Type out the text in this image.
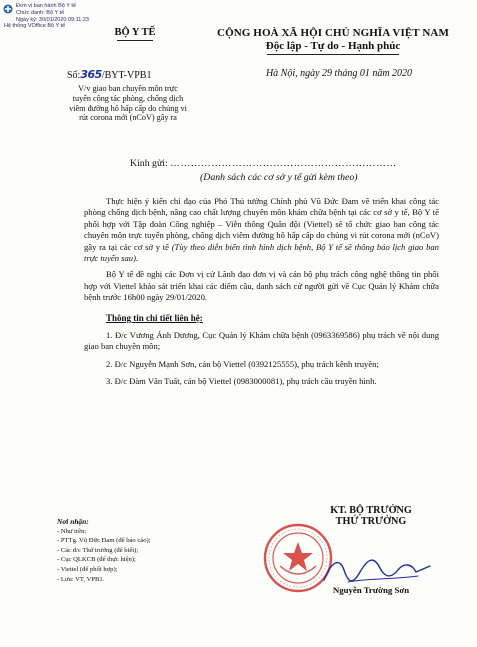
Đơn vị ban hành Bộ Y tế
Chức danh: Bộ Y tế
Ngày ký: 30/01/2020 09:11:23
Hệ thống VOffice Bộ Y tế
BỘ Y TẾ	CỘNG HOÀ XÃ HỘI CHỦ NGHĨA VIỆT NAM
Độc lập - Tự do - Hạnh phúc
Số:365/BYT-VPB1	Hà Nội, ngày 29 tháng 01 năm 2020
V/v giao ban chuyên môn trực
tuyến công tác phòng, chống dịch
viêm đường hô hấp cấp do chủng vi
rút corona mới (nCoV) gây ra
Kính gửi: …………………………………………………………
(Danh sách các cơ sở y tế gửi kèm theo)

Thực hiện ý kiến chỉ đạo của Phó Thủ tướng Chính phủ Vũ Đức Đam về triển khai công tác phòng chống dịch bệnh, nâng cao chất lượng chuyên môn khám chữa bệnh tại các cơ sở y tế, Bộ Y tế phối hợp với Tập đoàn Công nghiệp – Viễn thông Quân đội (Viettel) sẽ tổ chức giao ban công tác chuyên môn trực tuyến phòng, chống dịch viêm đường hô hấp cấp do chủng vi rút corona mới (nCoV) gây ra tại các cơ sở y tế (Tùy theo diễn biến tình hình dịch bệnh, Bộ Y tế sẽ thông báo lịch giao ban trực tuyến sau).

Bộ Y tế đề nghị các Đơn vị cử Lãnh đạo đơn vị và cán bộ phụ trách công nghệ thông tin phối hợp với Viettel khảo sát triển khai các điểm cầu, danh sách cử người gửi về Cục Quản lý Khám chữa bệnh trước 16h00 ngày 29/01/2020.

Thông tin chi tiết liên hệ:

1. Đ/c Vương Ánh Dương, Cục Quản lý Khám chữa bệnh (0963369586) phụ trách về nội dung giao ban chuyên môn;

2. Đ/c Nguyễn Mạnh Sơn, cán bộ Viettel (0392125555), phụ trách kênh truyền;

3. Đ/c Đàm Văn Tuất, cán bộ Viettel (0983000081), phụ trách cầu truyền hình.

Nơi nhận:
- Như trên;
- PTTg. Vũ Đức Đam (để báo cáo);
- Các đ/c Thứ trưởng (để biết);
- Cục QLKCB (để thực hiện);
- Viettel (để phối hợp);
- Lưu: VT, VPB1.
KT. BỘ TRƯỞNG
THỨ TRƯỞNG
Nguyễn Trường Sơn
